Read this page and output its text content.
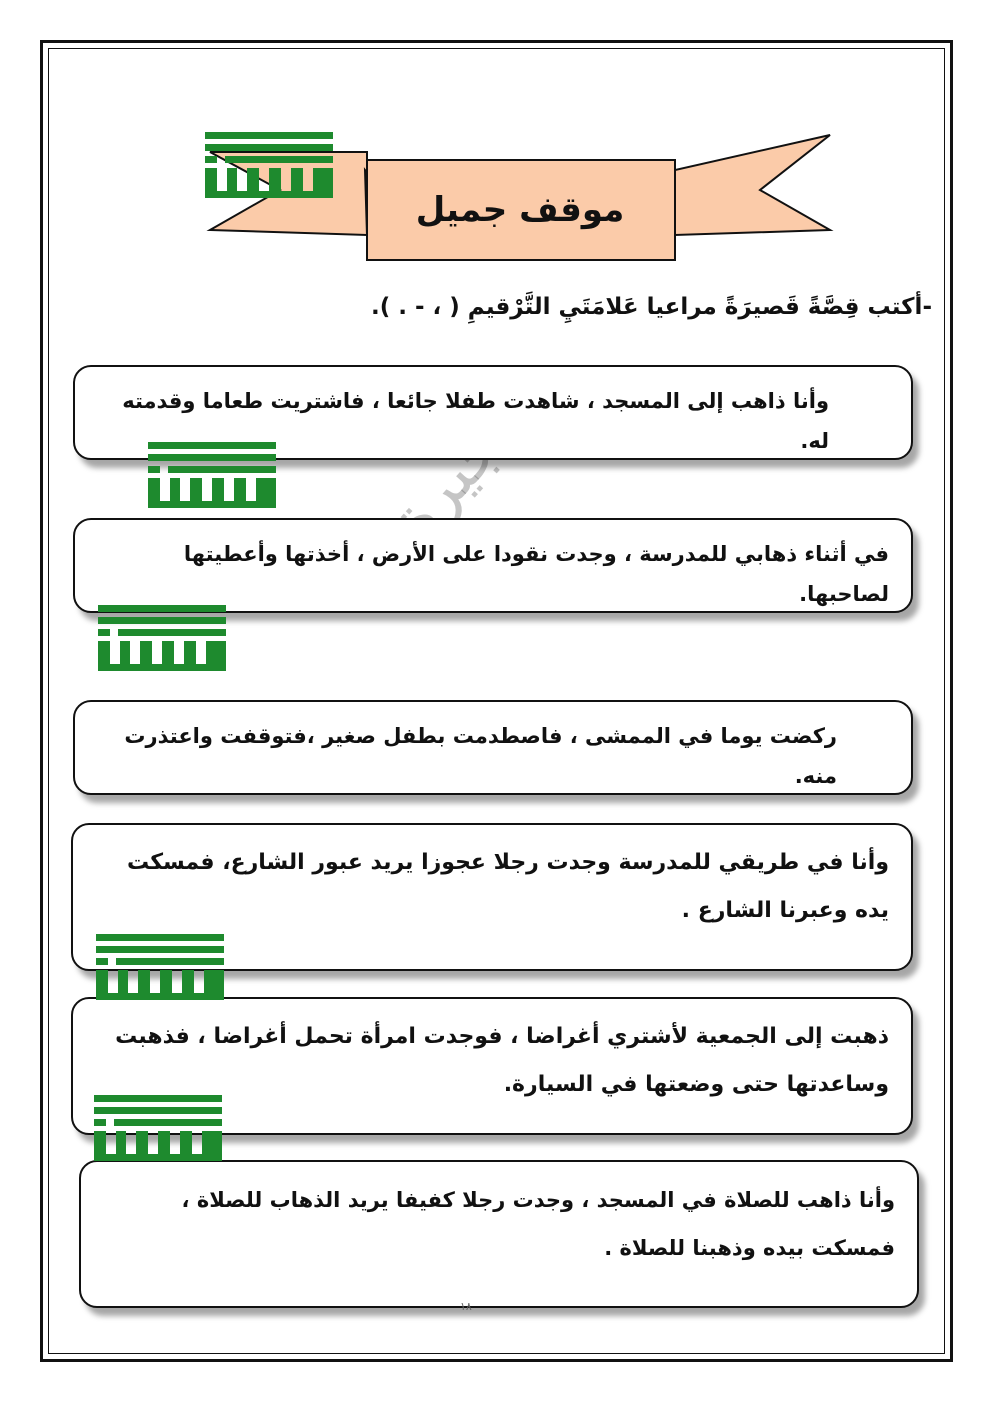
موقف جميل
-أكتب قِصَّةً قَصيرَةً مراعيا عَلامَتَيِ التَّرْقيمِ ( ، - . ).
وأنا ذاهب إلى المسجد ، شاهدت طفلا جائعا ، فاشتريت طعاما وقدمته له.
في أثناء ذهابي للمدرسة ، وجدت نقودا على الأرض ، أخذتها وأعطيتها لصاحبها.
ركضت يوما في الممشى ، فاصطدمت بطفل صغير ،فتوقفت واعتذرت منه.
وأنا في طريقي للمدرسة وجدت رجلا عجوزا يريد عبور الشارع، فمسكت يده وعبرنا الشارع .
ذهبت إلى الجمعية لأشتري أغراضا ، فوجدت امرأة تحمل أغراضا ، فذهبت وساعدتها حتى وضعتها في السيارة.
وأنا ذاهب للصلاة في المسجد ، وجدت رجلا كفيفا يريد الذهاب للصلاة ، فمسكت بيده وذهبنا للصلاة .
١٨
